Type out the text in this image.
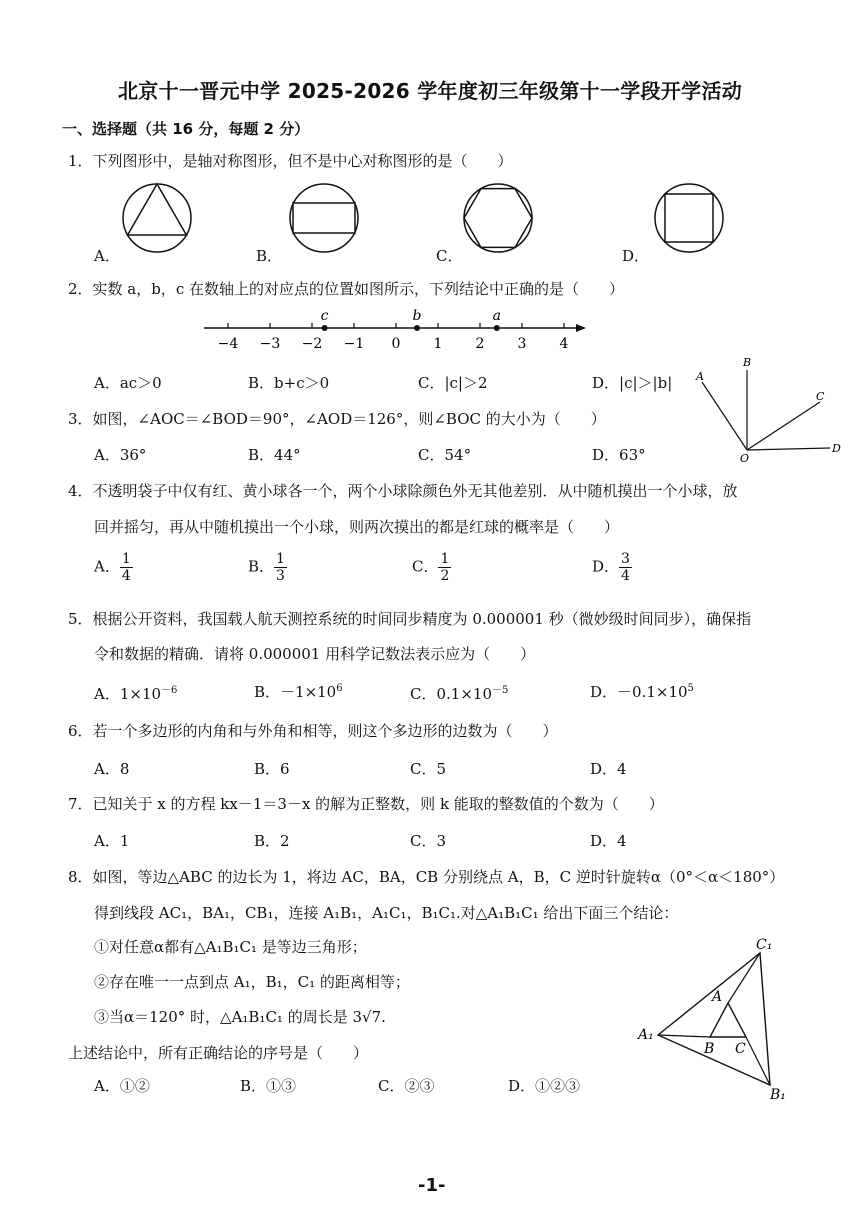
北京十一晋元中学 2025-2026 学年度初三年级第十一学段开学活动
一、选择题（共 16 分，每题 2 分）
1．下列图形中，是轴对称图形，但不是中心对称图形的是（　　）
A．	B．	C．	D．
2．实数 a，b，c 在数轴上的对应点的位置如图所示，下列结论中正确的是（　　）
−4 −3 −2 −1 0 1 2 3 4
c	b	a
A．ac＞0	B．b+c＞0	C．|c|＞2	D．|c|＞|b|
3．如图，∠AOC＝∠BOD＝90°，∠AOD＝126°，则∠BOC 的大小为（　　）
A
B
C
D
O
A．36°	B．44°	C．54°	D．63°
4．不透明袋子中仅有红、黄小球各一个，两个小球除颜色外无其他差别．从中随机摸出一个小球，放
回并摇匀，再从中随机摸出一个小球，则两次摸出的都是红球的概率是（　　）
A． $\frac{1}{4}$	B． $\frac{1}{3}$	C． $\frac{1}{2}$	D． $\frac{3}{4}$
5．根据公开资料，我国载人航天测控系统的时间同步精度为 0.000001 秒（微妙级时间同步），确保指
令和数据的精确．请将 0.000001 用科学记数法表示应为（　　）
A．$1\times 10^{-6}$	B．$-1\times 10^6$	C．$0.1\times 10^{-5}$	D．$-0.1\times 10^5$
6．若一个多边形的内角和与外角和相等，则这个多边形的边数为（　　）
A．8	B．6	C．5	D．4
7．已知关于 x 的方程 kx－1＝3－x 的解为正整数，则 k 能取的整数值的个数为（　　）
A．1	B．2	C．3	D．4
8．如图，等边△ABC 的边长为 1，将边 AC，BA，CB 分别绕点 A，B，C 逆时针旋转α（0°＜α＜180°）
得到线段 AC₁，BA₁，CB₁，连接 A₁B₁，A₁C₁，B₁C₁.对△A₁B₁C₁ 给出下面三个结论：
①对任意α都有△A₁B₁C₁ 是等边三角形；
②存在唯一一点到点 A₁，B₁，C₁ 的距离相等；
③当α＝120° 时，△A₁B₁C₁ 的周长是 3√7.
上述结论中，所有正确结论的序号是（　　）
A．①②	B．①③	C．②③	D．①②③
C₁
A
A₁
B C
B₁
-1-
